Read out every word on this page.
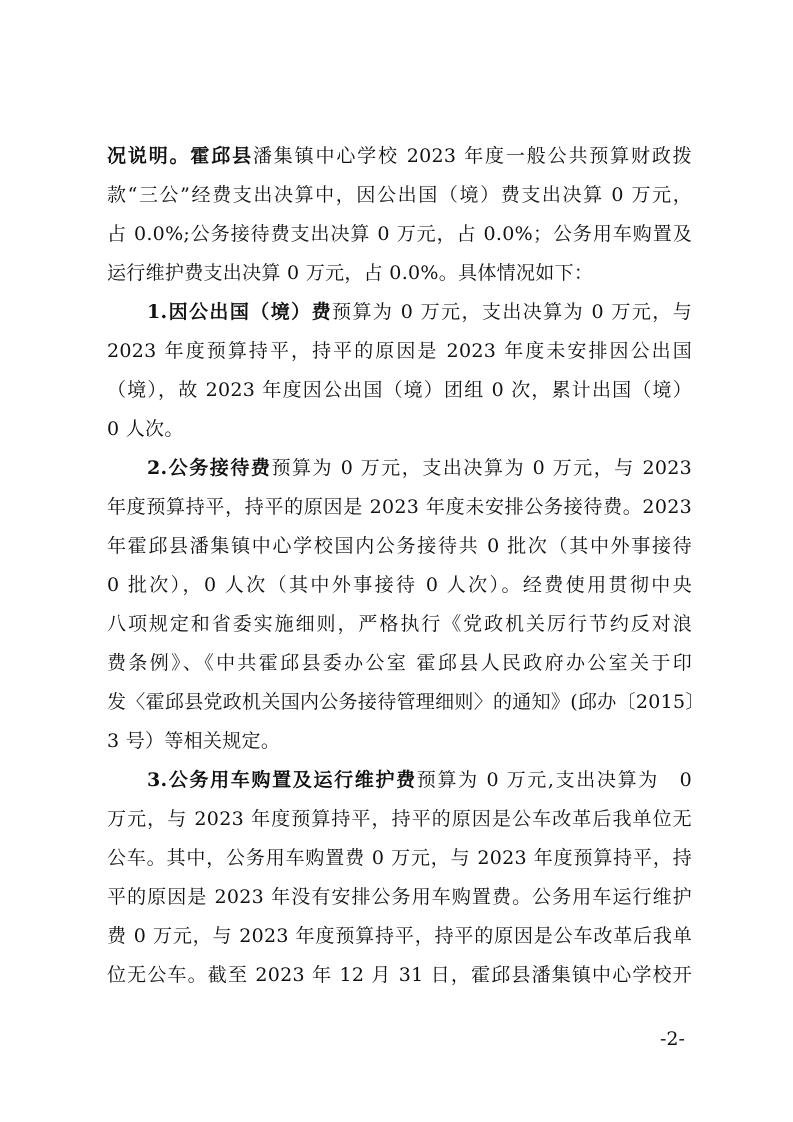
况说明。霍邱县潘集镇中心学校 2023 年度一般公共预算财政拨
款“三公”经费支出决算中，因公出国（境）费支出决算 0 万元，
占 0.0%;公务接待费支出决算 0 万元，占 0.0%；公务用车购置及
运行维护费支出决算 0 万元，占 0.0%。具体情况如下：
1.因公出国（境）费预算为 0 万元，支出决算为 0 万元，与
2023 年度预算持平，持平的原因是 2023 年度未安排因公出国
（境），故 2023 年度因公出国（境）团组 0 次，累计出国（境）
0 人次。
2.公务接待费预算为 0 万元，支出决算为 0 万元，与 2023
年度预算持平，持平的原因是 2023 年度未安排公务接待费。2023
年霍邱县潘集镇中心学校国内公务接待共 0 批次（其中外事接待
0 批次），0 人次（其中外事接待 0 人次）。经费使用贯彻中央
八项规定和省委实施细则，严格执行《党政机关厉行节约反对浪
费条例》、《中共霍邱县委办公室 霍邱县人民政府办公室关于印
发〈霍邱县党政机关国内公务接待管理细则〉的通知》(邱办〔2015〕
3 号）等相关规定。
3.公务用车购置及运行维护费预算为 0 万元,支出决算为　0
万元，与 2023 年度预算持平，持平的原因是公车改革后我单位无
公车。其中，公务用车购置费 0 万元，与 2023 年度预算持平，持
平的原因是 2023 年没有安排公务用车购置费。公务用车运行维护
费 0 万元，与 2023 年度预算持平，持平的原因是公车改革后我单
位无公车。截至 2023 年 12 月 31 日，霍邱县潘集镇中心学校开
-2-
